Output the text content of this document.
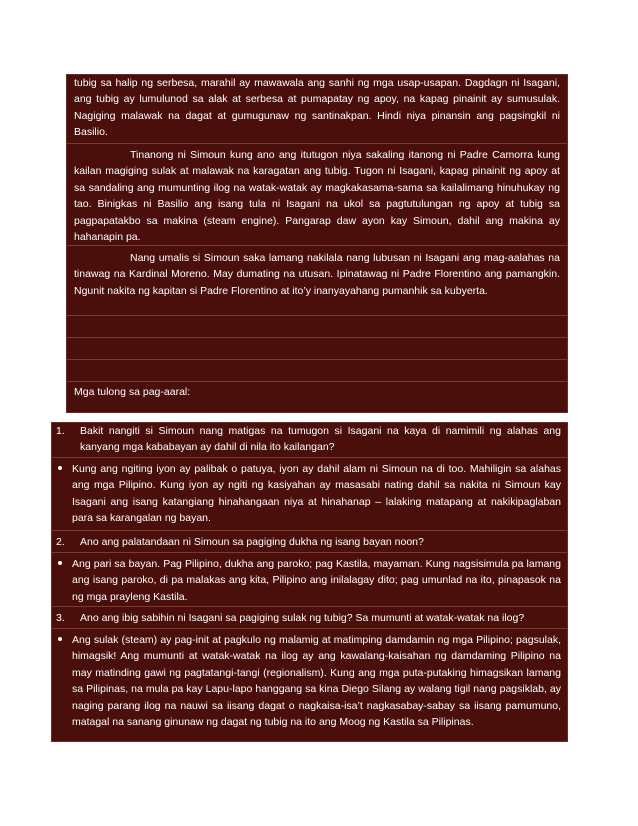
tubig sa halip ng serbesa, marahil ay mawawala ang sanhi ng mga usap-usapan. Dagdagn ni Isagani, ang tubig ay lumulunod sa alak at serbesa at pumapatay ng apoy, na kapag pinainit ay sumusulak. Nagiging malawak na dagat at gumugunaw ng santinakpan. Hindi niya pinansin ang pagsingkil ni Basilio.
Tinanong ni Simoun kung ano ang itutugon niya sakaling itanong ni Padre Camorra kung kailan magiging sulak at malawak na karagatan ang tubig. Tugon ni Isagani, kapag pinainit ng apoy at sa sandaling ang mumunting ilog na watak-watak ay magkakasama-sama sa kailalimang hinuhukay ng tao. Binigkas ni Basilio ang isang tula ni Isagani na ukol sa pagtutulungan ng apoy at tubig sa pagpapatakbo sa makina (steam engine). Pangarap daw ayon kay Simoun, dahil ang makina ay hahanapin pa.
Nang umalis si Simoun saka lamang nakilala nang lubusan ni Isagani ang mag-aalahas na tinawag na Kardinal Moreno. May dumating na utusan. Ipinatawag ni Padre Florentino ang pamangkin. Ngunit nakita ng kapitan si Padre Florentino at ito’y inanyayahang pumanhik sa kubyerta.
Mga tulong sa pag-aaral:
1.	Bakit nangiti si Simoun nang matigas na tumugon si Isagani na kaya di namimili ng alahas ang kanyang mga kababayan ay dahil di nila ito kailangan?
Kung ang ngiting iyon ay palibak o patuya, iyon ay dahil alam ni Simoun na di too. Mahiligin sa alahas ang mga Pilipino. Kung iyon ay ngiti ng kasiyahan ay masasabi nating dahil sa nakita ni Simoun kay Isagani ang isang katangiang hinahangaan niya at hinahanap – lalaking matapang at nakikipaglaban para sa karangalan ng bayan.
2.	Ano ang palatandaan ni Simoun sa pagiging dukha ng isang bayan noon?
Ang pari sa bayan. Pag Pilipino, dukha ang paroko; pag Kastila, mayaman. Kung nagsisimula pa lamang ang isang paroko, di pa malakas ang kita, Pilipino ang inilalagay dito; pag umunlad na ito, pinapasok na ng mga prayleng Kastila.
3.	Ano ang ibig sabihin ni Isagani sa pagiging sulak ng tubig? Sa mumunti at watak-watak na ilog?
Ang sulak (steam) ay pag-init at pagkulo ng malamig at matimping damdamin ng mga Pilipino; pagsulak, himagsik! Ang mumunti at watak-watak na ilog ay ang kawalang-kaisahan ng damdaming Pilipino na may matinding gawi ng pagtatangi-tangi (regionalism). Kung ang mga puta-putaking himagsikan lamang sa Pilipinas, na mula pa kay Lapu-lapo hanggang sa kina Diego Silang ay walang tigil nang pagsiklab, ay naging parang ilog na nauwi sa iisang dagat o nagkaisa-isa’t nagkasabay-sabay sa iisang pamumuno, matagal na sanang ginunaw ng dagat ng tubig na ito ang Moog ng Kastila sa Pilipinas.
